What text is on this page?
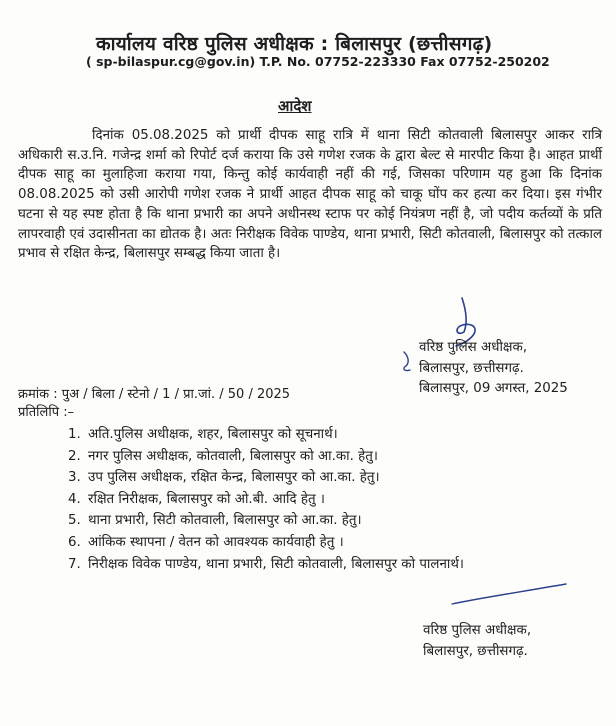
कार्यालय वरिष्ठ पुलिस अधीक्षक : बिलासपुर (छत्तीसगढ़)
( sp-bilaspur.cg@gov.in) T.P. No. 07752-223330 Fax 07752-250202
आदेश
दिनांक 05.08.2025 को प्रार्थी दीपक साहू रात्रि में थाना सिटी कोतवाली बिलासपुर आकर रात्रि अधिकारी स.उ.नि. गजेन्द्र शर्मा को रिपोर्ट दर्ज कराया कि उसे गणेश रजक के द्वारा बेल्ट से मारपीट किया है। आहत प्रार्थी दीपक साहू का मुलाहिजा कराया गया, किन्तु कोई कार्यवाही नहीं की गई, जिसका परिणाम यह हुआ कि दिनांक 08.08.2025 को उसी आरोपी गणेश रजक ने प्रार्थी आहत दीपक साहू को चाकू घोंप कर हत्या कर दिया। इस गंभीर घटना से यह स्पष्ट होता है कि थाना प्रभारी का अपने अधीनस्थ स्टाफ पर कोई नियंत्रण नहीं है, जो पदीय कर्तव्यों के प्रति लापरवाही एवं उदासीनता का द्योतक है। अतः निरीक्षक विवेक पाण्डेय, थाना प्रभारी, सिटी कोतवाली, बिलासपुर को तत्काल प्रभाव से रक्षित केन्द्र, बिलासपुर सम्बद्ध किया जाता है।
वरिष्ठ पुलिस अधीक्षक,
बिलासपुर, छत्तीसगढ़.
बिलासपुर, 09 अगस्त, 2025
क्रमांक : पुअ / बिला / स्टेनो / 1 / प्रा.जां. / 50 / 2025
प्रतिलिपि :–
1. अति.पुलिस अधीक्षक, शहर, बिलासपुर को सूचनार्थ।
2. नगर पुलिस अधीक्षक, कोतवाली, बिलासपुर को आ.का. हेतु।
3. उप पुलिस अधीक्षक, रक्षित केन्द्र, बिलासपुर को आ.का. हेतु।
4. रक्षित निरीक्षक, बिलासपुर को ओ.बी. आदि हेतु ।
5. थाना प्रभारी, सिटी कोतवाली, बिलासपुर को आ.का. हेतु।
6. आंकिक स्थापना / वेतन को आवश्यक कार्यवाही हेतु ।
7. निरीक्षक विवेक पाण्डेय, थाना प्रभारी, सिटी कोतवाली, बिलासपुर को पालनार्थ।
वरिष्ठ पुलिस अधीक्षक,
बिलासपुर, छत्तीसगढ़.
